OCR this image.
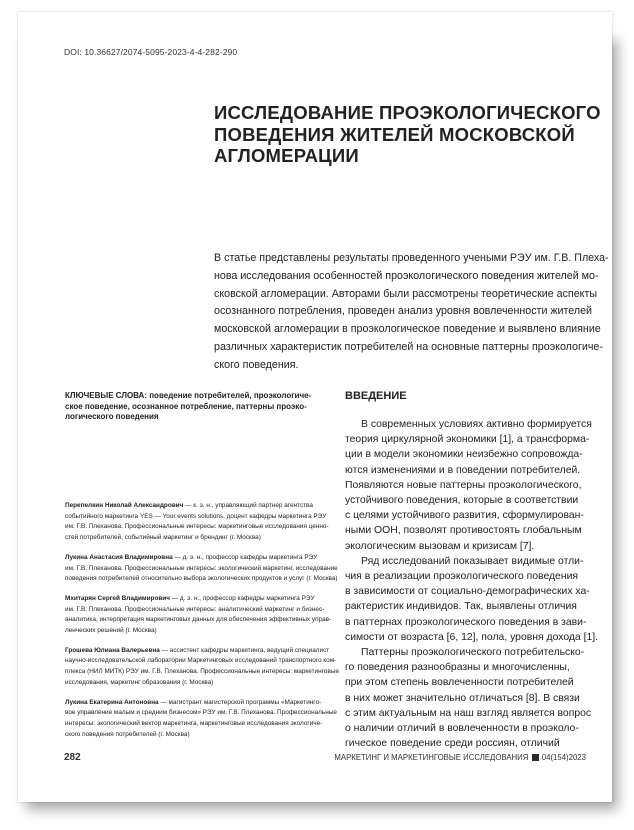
DOI: 10.36627/2074-5095-2023-4-4-282-290
ИССЛЕДОВАНИЕ ПРОЭКОЛОГИЧЕСКОГО
ПОВЕДЕНИЯ ЖИТЕЛЕЙ МОСКОВСКОЙ
АГЛОМЕРАЦИИ
В статье представлены результаты проведенного учеными РЭУ им. Г.В. Плеха-
нова исследования особенностей проэкологического поведения жителей мо-
сковской агломерации. Авторами были рассмотрены теоретические аспекты
осознанного потребления, проведен анализ уровня вовлеченности жителей
московской агломерации в проэкологическое поведение и выявлено влияние
различных характеристик потребителей на основные паттерны проэкологиче-
ского поведения.
КЛЮЧЕВЫЕ СЛОВА: поведение потребителей, проэкологиче-
ское поведение, осознанное потребление, паттерны проэко-
логического поведения
Перепелкин Николай Александрович — к. э. н., управляющий партнер агентства
событийного маркетинга YES — Your events solutions, доцент кафедры маркетинга РЭУ
им. Г.В. Плеханова. Профессиональные интересы: маркетинговые исследования ценно-
стей потребителей, событийный маркетинг и брендинг (г. Москва)
Лукина Анастасия Владимировна — д. э. н., профессор кафедры маркетинга РЭУ
им. Г.В. Плеханова. Профессиональные интересы: экологический маркетинг, исследование
поведения потребителей относительно выбора экологических продуктов и услуг (г. Москва)
Мхитарян Сергей Владимирович — д. э. н., профессор кафедры маркетинга РЭУ
им. Г.В. Плеханова. Профессиональные интересы: аналитический маркетинг и бизнес-
аналитика, интерпретация маркетинговых данных для обеспечения эффективных управ-
ленческих решений (г. Москва)
Грошева Юлиана Валерьевна — ассистент кафедры маркетинга, ведущий специалист
научно-исследовательской лаборатории Маркетинговых исследований транспортного ком-
плекса (НИЛ МИТК) РЭУ им. Г.В. Плеханова. Профессиональные интересы: маркетинговые
исследования, маркетинг образования (г. Москва)
Лукина Екатерина Антоновна — магистрант магистерской программы «Маркетинго-
вое управление малым и средним бизнесом» РЭУ им. Г.В. Плеханова. Профессиональные
интересы: экологический вектор маркетинга, маркетинговые исследования экологиче-
ского поведения потребителей (г. Москва)
ВВЕДЕНИЕ
В современных условиях активно формируется
теория циркулярной экономики [1], а трансформа-
ции в модели экономики неизбежно сопровожда-
ются изменениями и в поведении потребителей.
Появляются новые паттерны проэкологического,
устойчивого поведения, которые в соответствии
с целями устойчивого развития, сформулирован-
ными ООН, позволят противостоять глобальным
экологическим вызовам и кризисам [7].
Ряд исследований показывает видимые отли-
чия в реализации проэкологического поведения
в зависимости от социально-демографических ха-
рактеристик индивидов. Так, выявлены отличия
в паттернах проэкологического поведения в зави-
симости от возраста [6, 12], пола, уровня дохода [1].
Паттерны проэкологического потребительско-
го поведения разнообразны и многочисленны,
при этом степень вовлеченности потребителей
в них может значительно отличаться [8]. В связи
с этим актуальным на наш взгляд является вопрос
о наличии отличий в вовлеченности в проэколо-
гическое поведение среди россиян, отличий
282	МАРКЕТИНГ И МАРКЕТИНГОВЫЕ ИССЛЕДОВАНИЯ 04(154)2023
